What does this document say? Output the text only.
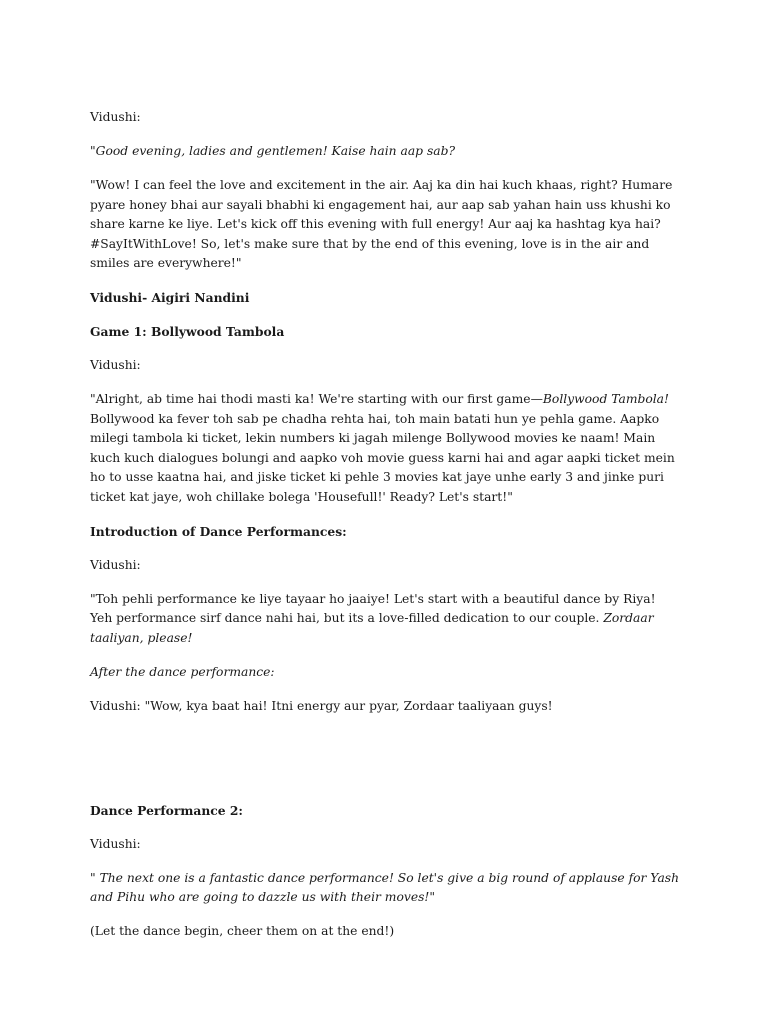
Vidushi:

"Good evening, ladies and gentlemen! Kaise hain aap sab?

"Wow! I can feel the love and excitement in the air. Aaj ka din hai kuch khaas, right? Humare pyare honey bhai aur sayali bhabhi ki engagement hai, aur aap sab yahan hain uss khushi ko share karne ke liye. Let's kick off this evening with full energy! Aur aaj ka hashtag kya hai? #SayItWithLove! So, let's make sure that by the end of this evening, love is in the air and smiles are everywhere!"

Vidushi- Aigiri Nandini

Game 1: Bollywood Tambola

Vidushi:

"Alright, ab time hai thodi masti ka! We're starting with our first game—Bollywood Tambola! Bollywood ka fever toh sab pe chadha rehta hai, toh main batati hun ye pehla game. Aapko milegi tambola ki ticket, lekin numbers ki jagah milenge Bollywood movies ke naam! Main kuch kuch dialogues bolungi and aapko voh movie guess karni hai and agar aapki ticket mein ho to usse kaatna hai, and jiske ticket ki pehle 3 movies kat jaye unhe early 3 and jinke puri ticket kat jaye, woh chillake bolega 'Housefull!' Ready? Let's start!"

Introduction of Dance Performances:

Vidushi:

"Toh pehli performance ke liye tayaar ho jaaiye! Let's start with a beautiful dance by Riya! Yeh performance sirf dance nahi hai, but its a love-filled dedication to our couple. Zordaar taaliyan, please!

After the dance performance:

Vidushi: "Wow, kya baat hai! Itni energy aur pyar, Zordaar taaliyaan guys!

Dance Performance 2:

Vidushi:

" The next one is a fantastic dance performance! So let's give a big round of applause for Yash and Pihu who are going to dazzle us with their moves!"

(Let the dance begin, cheer them on at the end!)
